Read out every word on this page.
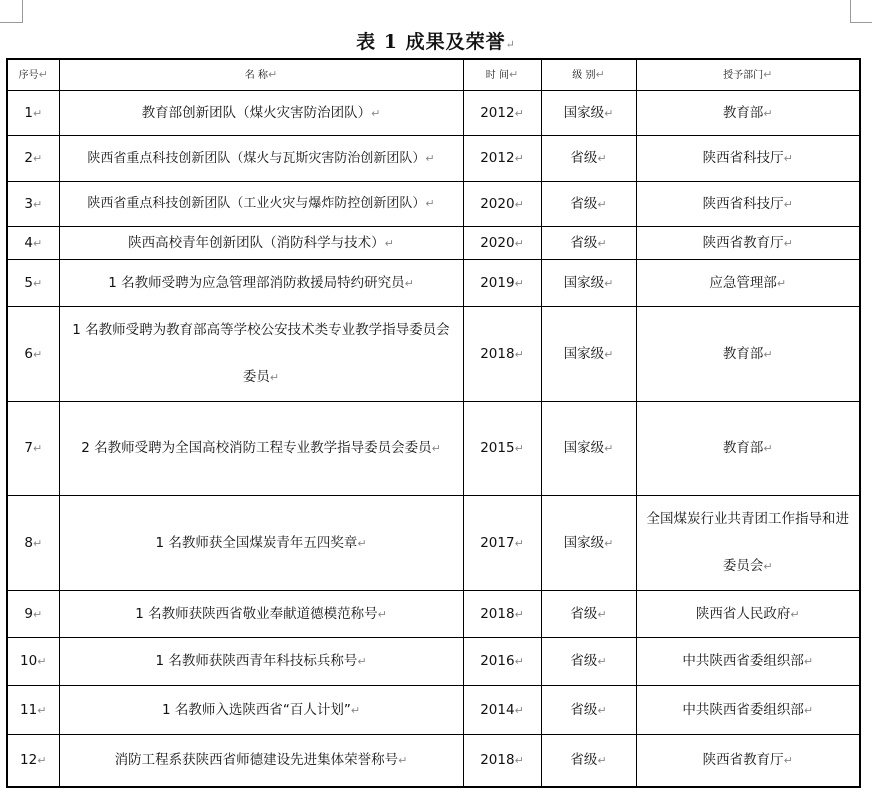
表 1 成果及荣誉↵
序号↵	名 称↵	时 间↵	级 别↵	授予部门↵
1↵	教育部创新团队（煤火灾害防治团队）↵	2012↵	国家级↵	教育部↵
2↵	陕西省重点科技创新团队（煤火与瓦斯灾害防治创新团队）↵	2012↵	省级↵	陕西省科技厅↵
3↵	陕西省重点科技创新团队（工业火灾与爆炸防控创新团队）↵	2020↵	省级↵	陕西省科技厅↵
4↵	陕西高校青年创新团队（消防科学与技术）↵	2020↵	省级↵	陕西省教育厅↵
5↵	1 名教师受聘为应急管理部消防救援局特约研究员↵	2019↵	国家级↵	应急管理部↵
6↵	1 名教师受聘为教育部高等学校公安技术类专业教学指导委员会委员↵	2018↵	国家级↵	教育部↵
7↵	2 名教师受聘为全国高校消防工程专业教学指导委员会委员↵	2015↵	国家级↵	教育部↵
8↵	1 名教师获全国煤炭青年五四奖章↵	2017↵	国家级↵	全国煤炭行业共青团工作指导和进委员会↵
9↵	1 名教师获陕西省敬业奉献道德模范称号↵	2018↵	省级↵	陕西省人民政府↵
10↵	1 名教师获陕西青年科技标兵称号↵	2016↵	省级↵	中共陕西省委组织部↵
11↵	1 名教师入选陕西省“百人计划”↵	2014↵	省级↵	中共陕西省委组织部↵
12↵	消防工程系获陕西省师德建设先进集体荣誉称号↵	2018↵	省级↵	陕西省教育厅↵
